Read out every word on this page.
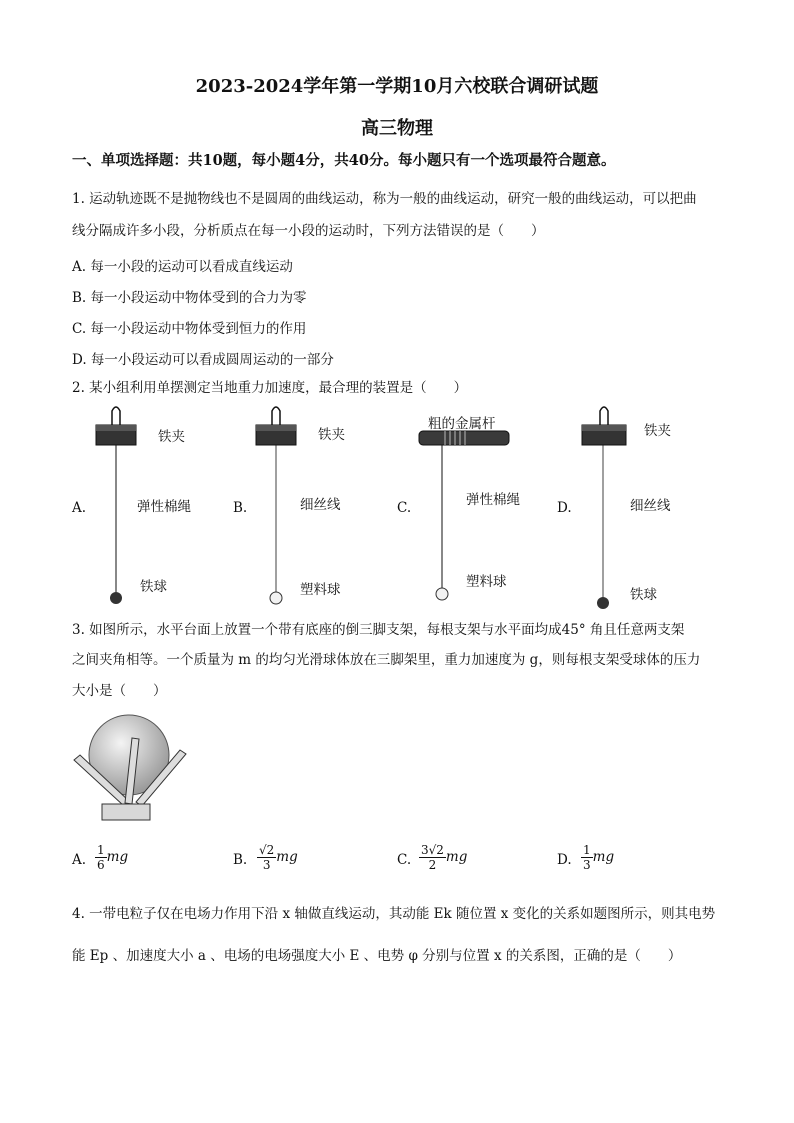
2023-2024学年第一学期10月六校联合调研试题
高三物理
一、单项选择题：共10题，每小题4分，共40分。每小题只有一个选项最符合题意。
1. 运动轨迹既不是抛物线也不是圆周的曲线运动，称为一般的曲线运动，研究一般的曲线运动，可以把曲
线分隔成许多小段，分析质点在每一小段的运动时，下列方法错误的是（　　）
A. 每一小段的运动可以看成直线运动
B. 每一小段运动中物体受到的合力为零
C. 每一小段运动中物体受到恒力的作用
D. 每一小段运动可以看成圆周运动的一部分
2. 某小组利用单摆测定当地重力加速度，最合理的装置是（　　）
铁夹
弹性棉绳
铁球
A.
铁夹
细丝线
塑料球
B.
粗的金属杆
弹性棉绳
塑料球
C.
铁夹
细丝线
铁球
D.
3. 如图所示，水平台面上放置一个带有底座的倒三脚支架，每根支架与水平面均成45° 角且任意两支架
之间夹角相等。一个质量为 m 的均匀光滑球体放在三脚架里，重力加速度为 g，则每根支架受球体的压力
大小是（　　）
A. $\frac{1}{6}$ mg	B. $\frac{√2}{3}$ mg	C. $\frac{3√2}{2}$ mg	D. $\frac{1}{3}$ mg
4. 一带电粒子仅在电场力作用下沿 x 轴做直线运动，其动能 Ek 随位置 x 变化的关系如题图所示，则其电势
能 Ep 、加速度大小 a 、电场的电场强度大小 E 、电势 φ 分别与位置 x 的关系图，正确的是（　　）
